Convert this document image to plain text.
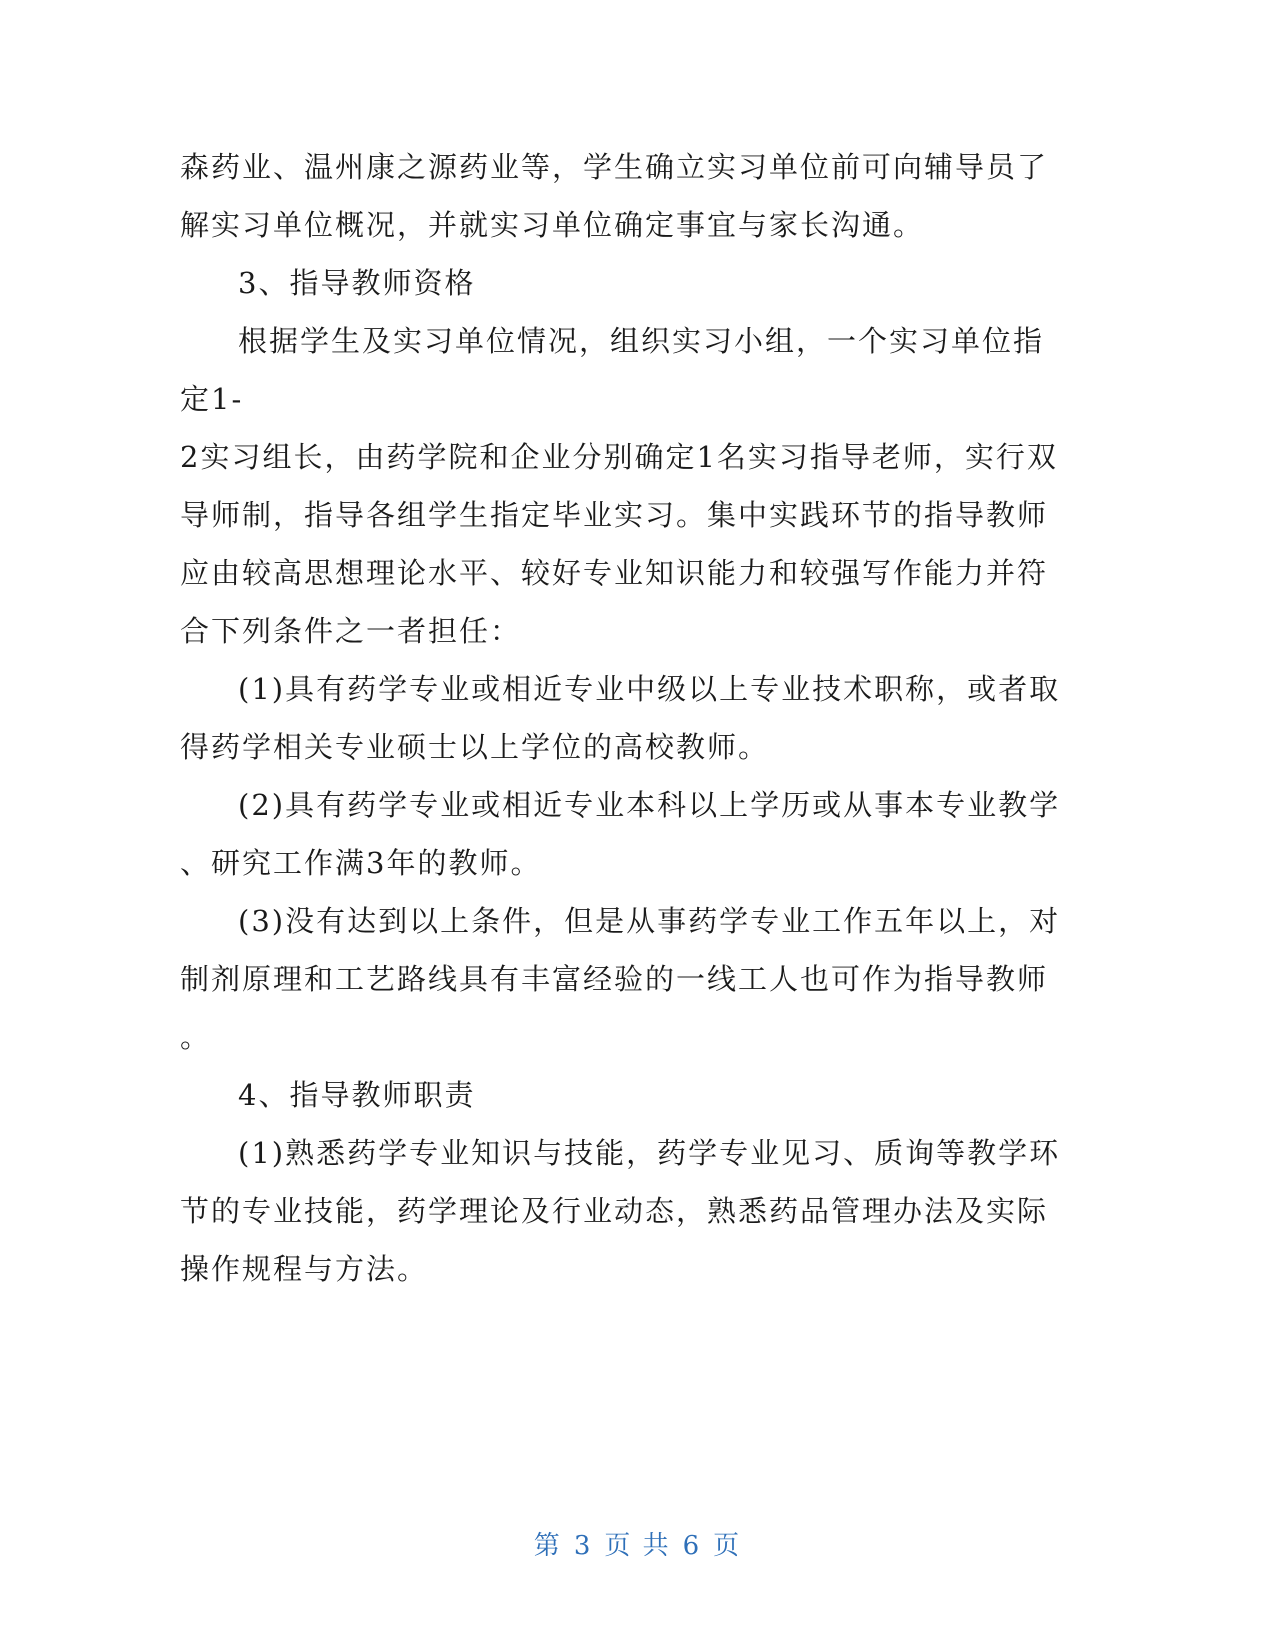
森药业、温州康之源药业等，学生确立实习单位前可向辅导员了
解实习单位概况，并就实习单位确定事宜与家长沟通。
3、指导教师资格
根据学生及实习单位情况，组织实习小组，一个实习单位指
定1-
2实习组长，由药学院和企业分别确定1名实习指导老师，实行双
导师制，指导各组学生指定毕业实习。集中实践环节的指导教师
应由较高思想理论水平、较好专业知识能力和较强写作能力并符
合下列条件之一者担任：
(1)具有药学专业或相近专业中级以上专业技术职称，或者取
得药学相关专业硕士以上学位的高校教师。
(2)具有药学专业或相近专业本科以上学历或从事本专业教学
、研究工作满3年的教师。
(3)没有达到以上条件，但是从事药学专业工作五年以上，对
制剂原理和工艺路线具有丰富经验的一线工人也可作为指导教师
。
4、指导教师职责
(1)熟悉药学专业知识与技能，药学专业见习、质询等教学环
节的专业技能，药学理论及行业动态，熟悉药品管理办法及实际
操作规程与方法。
第 3 页 共 6 页
